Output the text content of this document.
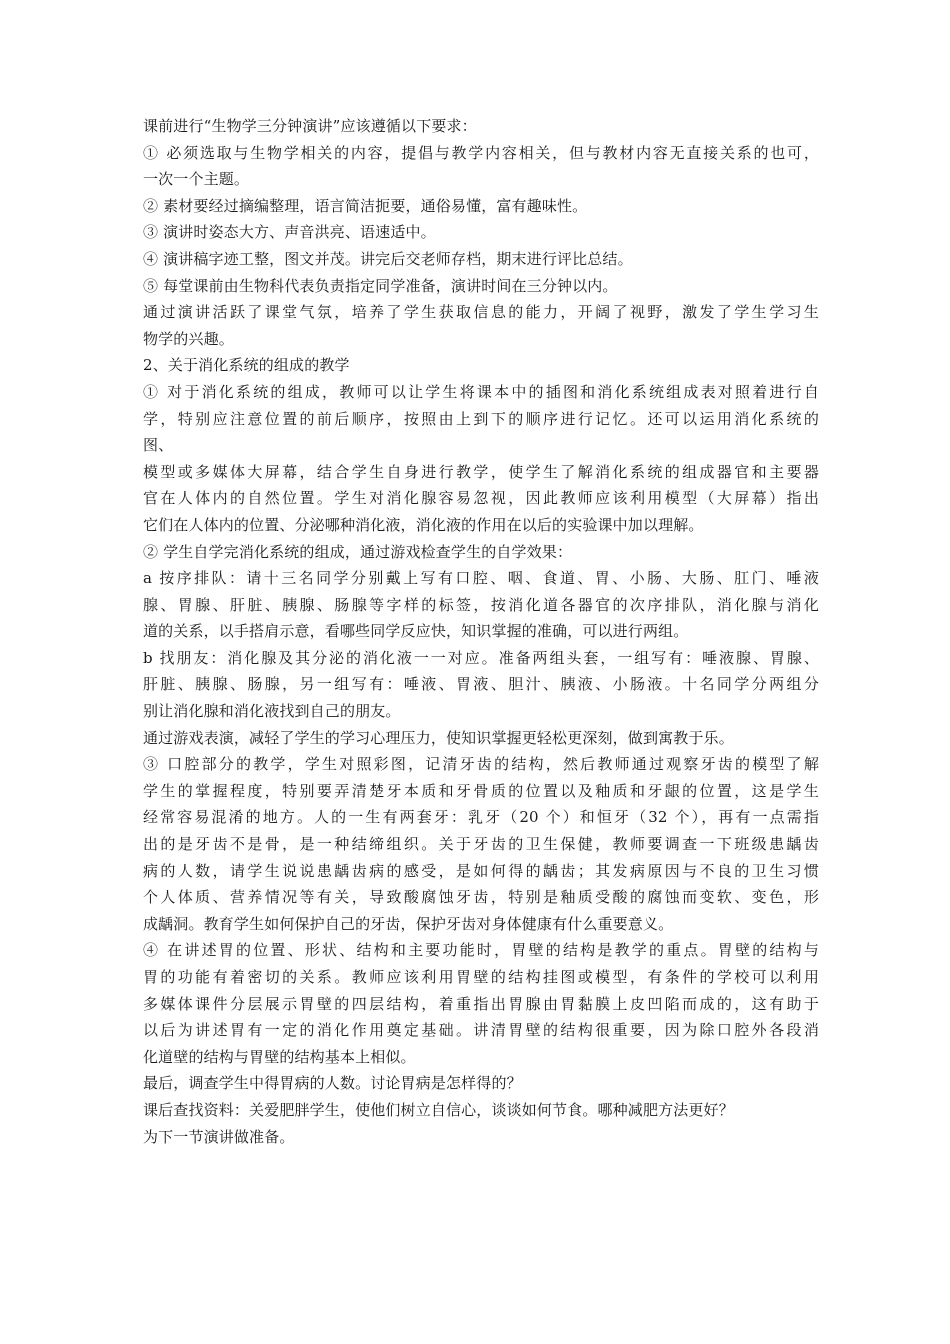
课前进行“生物学三分钟演讲”应该遵循以下要求：
① 必须选取与生物学相关的内容，提倡与教学内容相关，但与教材内容无直接关系的也可，
一次一个主题。
② 素材要经过摘编整理，语言简洁扼要，通俗易懂，富有趣味性。
③ 演讲时姿态大方、声音洪亮、语速适中。
④ 演讲稿字迹工整，图文并茂。讲完后交老师存档，期末进行评比总结。
⑤ 每堂课前由生物科代表负责指定同学准备，演讲时间在三分钟以内。
通过演讲活跃了课堂气氛，培养了学生获取信息的能力，开阔了视野，激发了学生学习生
物学的兴趣。
2、关于消化系统的组成的教学
① 对于消化系统的组成，教师可以让学生将课本中的插图和消化系统组成表对照着进行自
学，特别应注意位置的前后顺序，按照由上到下的顺序进行记忆。还可以运用消化系统的
图、
模型或多媒体大屏幕，结合学生自身进行教学，使学生了解消化系统的组成器官和主要器
官在人体内的自然位置。学生对消化腺容易忽视，因此教师应该利用模型（大屏幕）指出
它们在人体内的位置、分泌哪种消化液，消化液的作用在以后的实验课中加以理解。
② 学生自学完消化系统的组成，通过游戏检查学生的自学效果：
a 按序排队：请十三名同学分别戴上写有口腔、咽、食道、胃、小肠、大肠、肛门、唾液
腺、胃腺、肝脏、胰腺、肠腺等字样的标签，按消化道各器官的次序排队，消化腺与消化
道的关系，以手搭肩示意，看哪些同学反应快，知识掌握的准确，可以进行两组。
b 找朋友：消化腺及其分泌的消化液一一对应。准备两组头套，一组写有：唾液腺、胃腺、
肝脏、胰腺、肠腺，另一组写有：唾液、胃液、胆汁、胰液、小肠液。十名同学分两组分
别让消化腺和消化液找到自己的朋友。
通过游戏表演，减轻了学生的学习心理压力，使知识掌握更轻松更深刻，做到寓教于乐。
③ 口腔部分的教学，学生对照彩图，记清牙齿的结构，然后教师通过观察牙齿的模型了解
学生的掌握程度，特别要弄清楚牙本质和牙骨质的位置以及釉质和牙龈的位置，这是学生
经常容易混淆的地方。人的一生有两套牙：乳牙（20 个）和恒牙（32 个），再有一点需指
出的是牙齿不是骨，是一种结缔组织。关于牙齿的卫生保健，教师要调查一下班级患龋齿
病的人数，请学生说说患龋齿病的感受，是如何得的龋齿；其发病原因与不良的卫生习惯
个人体质、营养情况等有关，导致酸腐蚀牙齿，特别是釉质受酸的腐蚀而变软、变色，形
成龋洞。教育学生如何保护自己的牙齿，保护牙齿对身体健康有什么重要意义。
④ 在讲述胃的位置、形状、结构和主要功能时，胃壁的结构是教学的重点。胃壁的结构与
胃的功能有着密切的关系。教师应该利用胃壁的结构挂图或模型，有条件的学校可以利用
多媒体课件分层展示胃壁的四层结构，着重指出胃腺由胃黏膜上皮凹陷而成的，这有助于
以后为讲述胃有一定的消化作用奠定基础。讲清胃壁的结构很重要，因为除口腔外各段消
化道壁的结构与胃壁的结构基本上相似。
最后，调查学生中得胃病的人数。讨论胃病是怎样得的？
课后查找资料：关爱肥胖学生，使他们树立自信心，谈谈如何节食。哪种减肥方法更好？
为下一节演讲做准备。
